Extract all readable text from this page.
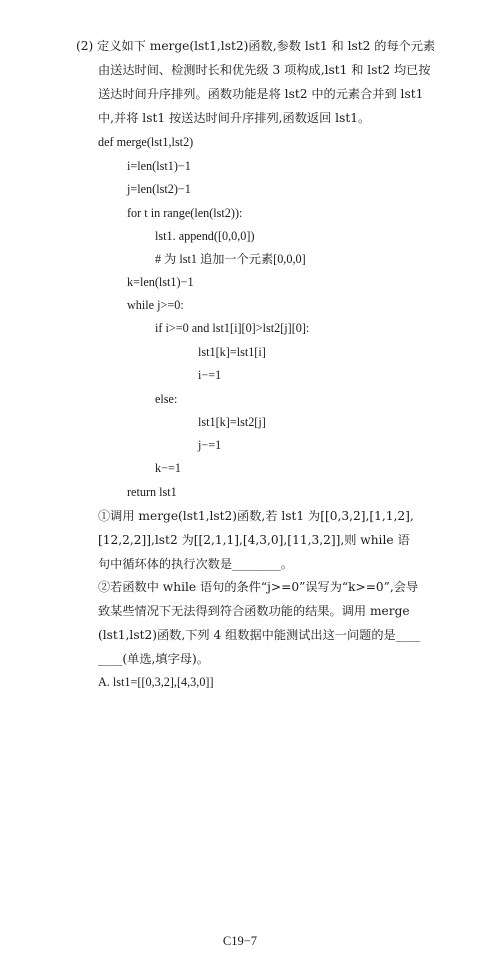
(2) 定义如下 merge(lst1,lst2)函数,参数 lst1 和 lst2 的每个元素
由送达时间、检测时长和优先级 3 项构成,lst1 和 lst2 均已按
送达时间升序排列。函数功能是将 lst2 中的元素合并到 lst1
中,并将 lst1 按送达时间升序排列,函数返回 lst1。
def merge(lst1,lst2)
i=len(lst1)−1
j=len(lst2)−1
for t in range(len(lst2)):
lst1. append([0,0,0])
# 为 lst1 追加一个元素[0,0,0]
k=len(lst1)−1
while j>=0:
if i>=0 and lst1[i][0]>lst2[j][0]:
lst1[k]=lst1[i]
i−=1
else:
lst1[k]=lst2[j]
j−=1
k−=1
return lst1
①调用 merge(lst1,lst2)函数,若 lst1 为[[0,3,2],[1,1,2],
[12,2,2]],lst2 为[[2,1,1],[4,3,0],[11,3,2]],则 while 语
句中循环体的执行次数是________。
②若函数中 while 语句的条件“j>=0”误写为“k>=0”,会导
致某些情况下无法得到符合函数功能的结果。调用 merge
(lst1,lst2)函数,下列 4 组数据中能测试出这一问题的是____
____(单选,填字母)。
A. lst1=[[0,3,2],[4,3,0]]
C19−7
